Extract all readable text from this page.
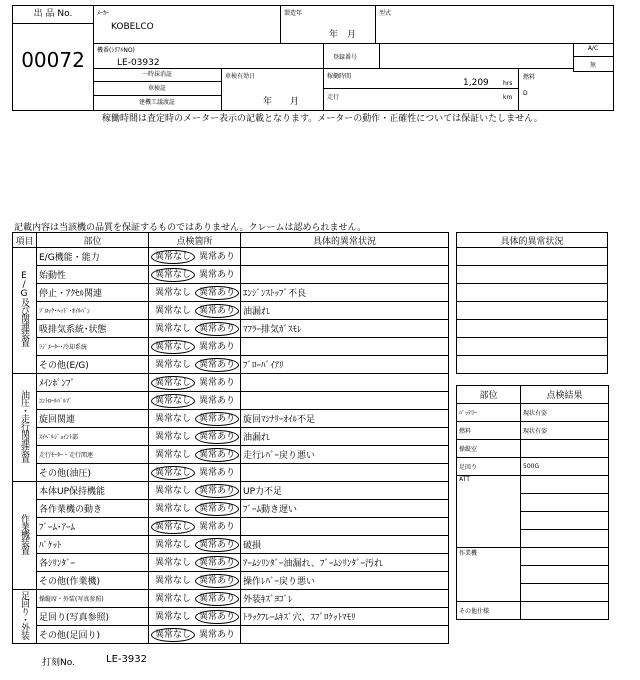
出 品 No.
00072
ﾒｰｶｰ
KOBELCO
製造年
年　月
型式
機番(ｼﾘｱﾙNO)
LE-03932
登録番号
A/C
無
一時抹消証
車検証
建機工議渡証
車検有効日
年　　月
稼働時間
1,209 hrs
走行	km
燃料
D
稼働時間は査定時のメーター表示の記載となります。メーターの動作・正確性については保証いたしません。
記載内容は当該機の品質を保証するものではありません。クレームは認められません。
項目	部位	点検箇所	具体的異常状況
E/G及び関連装置	E/G機能・能力	異常なし 異常あり	
	始動性	異常なし 異常あり	
	停止・ｱｸｾﾙ関連	異常なし 異常あり	ｴﾝｼﾞﾝｽﾄｯﾌﾟ不良
	ﾌﾞﾛｯｸ･ﾍｯﾄﾞ･ｵｲﾙﾊﾟﾝ	異常なし 異常あり	油漏れ
	吸排気系統･状態	異常なし 異常あり	ﾏﾌﾗｰ排気ｶﾞｽﾓﾚ
	ﾗｼﾞｴｰﾀｰ･冷却系統	異常なし 異常あり	
	その他(E/G)	異常なし 異常あり	ﾌﾞﾛｰﾊﾞｲｱﾘ
油圧・走行関連装置	ﾒｲﾝﾎﾟﾝﾌﾟ	異常なし 異常あり	
	ｺﾝﾄﾛｰﾙﾊﾞﾙﾌﾞ	異常なし 異常あり	
	旋回関連	異常なし 異常あり	旋回ﾏｼﾅﾘｰｵｲﾙ不足
	ｽｲﾍﾞﾙｼﾞｮｲﾝﾄ部	異常なし 異常あり	油漏れ
	走行ﾓｰﾀｰ・走行関連	異常なし 異常あり	走行ﾚﾊﾞｰ戻り悪い
	その他(油圧)	異常なし 異常あり	
作業機装置	本体UP保持機能	異常なし 異常あり	UP力不足
	各作業機の動き	異常なし 異常あり	ﾌﾞｰﾑ動き遅い
	ﾌﾞｰﾑ･ｱｰﾑ	異常なし 異常あり	
	ﾊﾞｹｯﾄ	異常なし 異常あり	破損
	各ｼﾘﾝﾀﾞｰ	異常なし 異常あり	ｱｰﾑｼﾘﾝﾀﾞｰ油漏れ、ﾌﾞｰﾑｼﾘﾝﾀﾞｰ汚れ
	その他(作業機)	異常なし 異常あり	操作ﾚﾊﾞｰ戻り悪い
足回り・外装	操縦席・外装(写真参照)	異常なし 異常あり	外装ｷｽﾞﾖｺﾞﾚ
	足回り(写真参照)	異常なし 異常あり	ﾄﾗｯｸﾌﾚｰﾑｷｽﾞ穴、ｽﾌﾟﾛｹｯﾄﾏﾓﾘ
	その他(足回り)	異常なし 異常あり	
具体的異常状況

部位	点検結果
ﾊﾞｯﾃﾘｰ	現状有姿
燃料	現状有姿
操縦室	
足回り	500G
ATT	

作業機	

その他仕様	
打刻No.	LE-3932
